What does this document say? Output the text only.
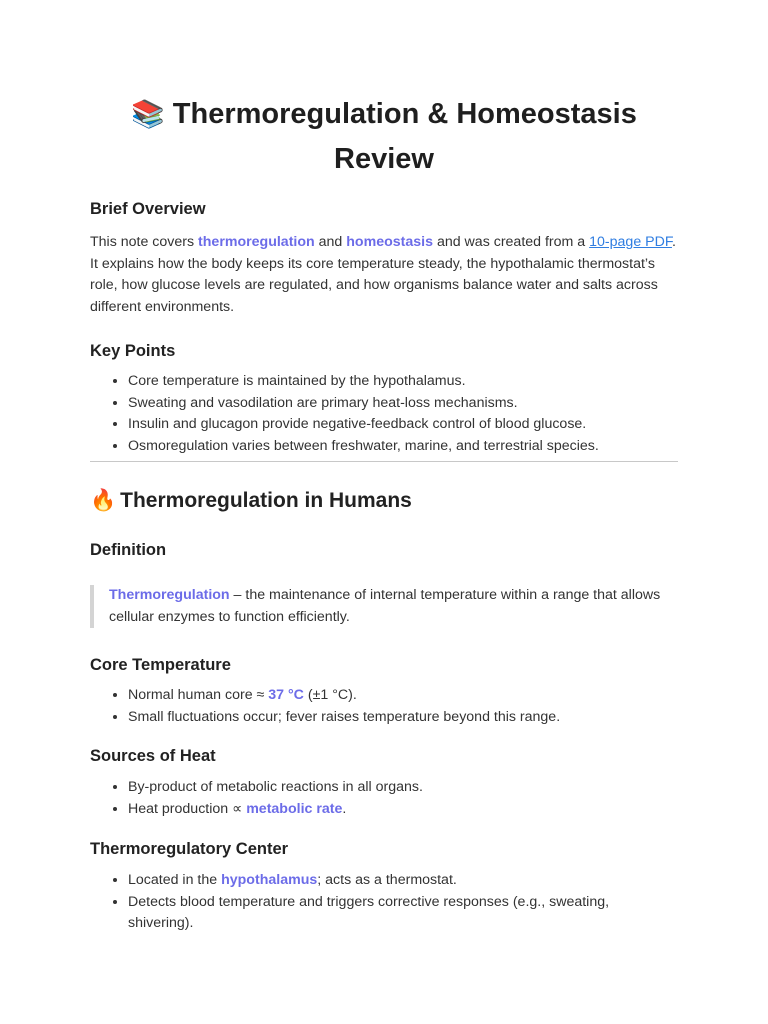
📚 Thermoregulation & Homeostasis Review
Brief Overview

This note covers thermoregulation and homeostasis and was created from a 10-page PDF. It explains how the body keeps its core temperature steady, the hypothalamic thermostat’s role, how glucose levels are regulated, and how organisms balance water and salts across different environments.

Key Points
• Core temperature is maintained by the hypothalamus.
• Sweating and vasodilation are primary heat-loss mechanisms.
• Insulin and glucagon provide negative-feedback control of blood glucose.
• Osmoregulation varies between freshwater, marine, and terrestrial species.
🔥 Thermoregulation in Humans
Definition

Thermoregulation – the maintenance of internal temperature within a range that allows cellular enzymes to function efficiently.

Core Temperature
• Normal human core ≈ 37 °C (±1 °C).
• Small fluctuations occur; fever raises temperature beyond this range.
Sources of Heat
• By-product of metabolic reactions in all organs.
• Heat production ∝ metabolic rate.
Thermoregulatory Center
• Located in the hypothalamus; acts as a thermostat.
• Detects blood temperature and triggers corrective responses (e.g., sweating, shivering).
